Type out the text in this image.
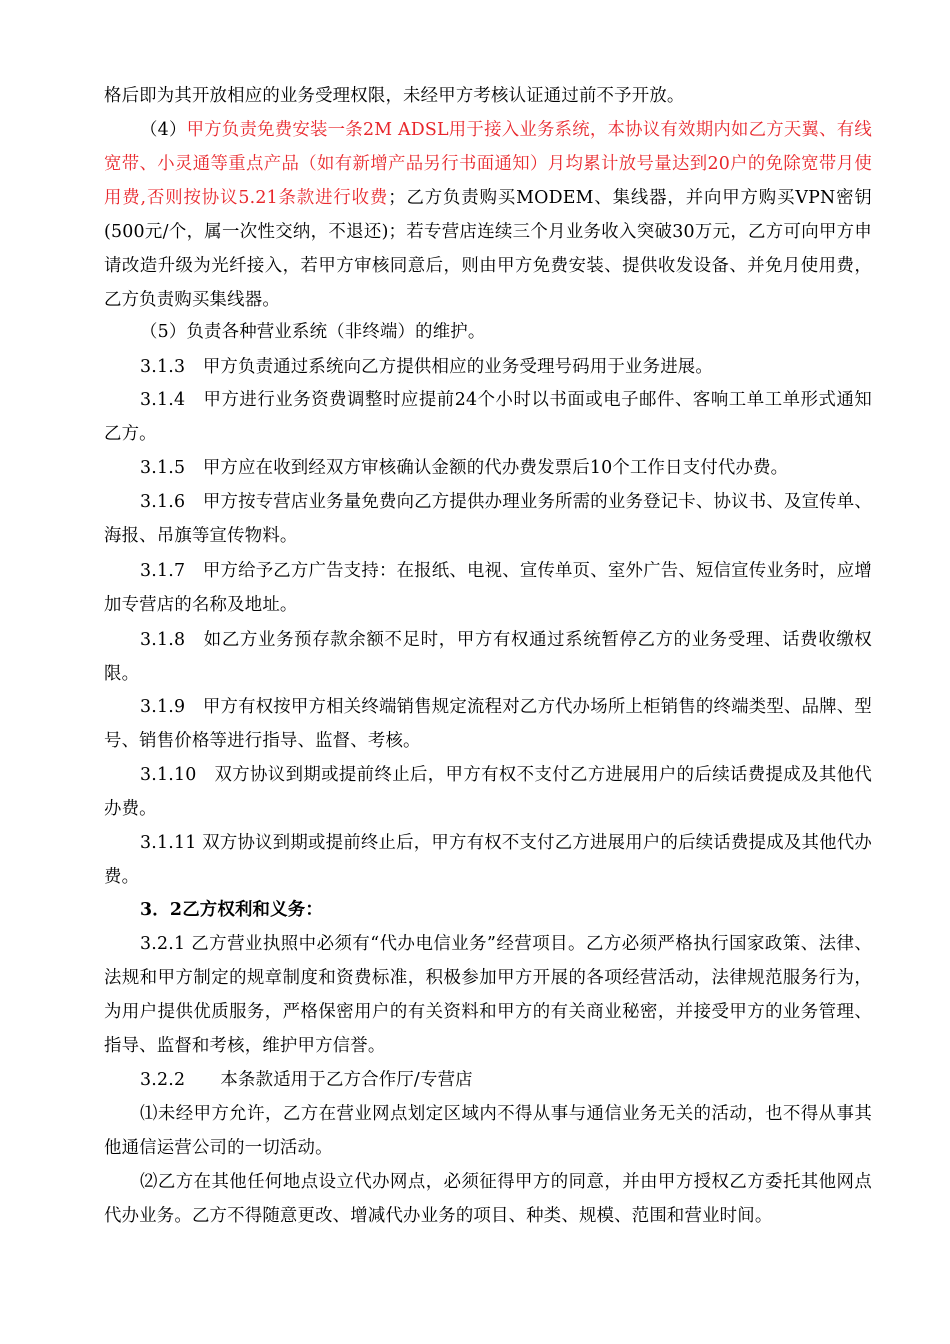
格后即为其开放相应的业务受理权限，未经甲方考核认证通过前不予开放。

（4）甲方负责免费安装一条2M ADSL用于接入业务系统，本协议有效期内如乙方天翼、有线宽带、小灵通等重点产品（如有新增产品另行书面通知）月均累计放号量达到20户的免除宽带月使用费,否则按协议5.21条款进行收费；乙方负责购买MODEM、集线器，并向甲方购买VPN密钥(500元/个，属一次性交纳，不退还)；若专营店连续三个月业务收入突破30万元，乙方可向甲方申请改造升级为光纤接入，若甲方审核同意后，则由甲方免费安装、提供收发设备、并免月使用费，乙方负责购买集线器。

（5）负责各种营业系统（非终端）的维护。

3.1.3　甲方负责通过系统向乙方提供相应的业务受理号码用于业务进展。

3.1.4　甲方进行业务资费调整时应提前24个小时以书面或电子邮件、客响工单工单形式通知乙方。

3.1.5　甲方应在收到经双方审核确认金额的代办费发票后10个工作日支付代办费。

3.1.6　甲方按专营店业务量免费向乙方提供办理业务所需的业务登记卡、协议书、及宣传单、海报、吊旗等宣传物料。

3.1.7　甲方给予乙方广告支持：在报纸、电视、宣传单页、室外广告、短信宣传业务时，应增加专营店的名称及地址。

3.1.8　如乙方业务预存款余额不足时，甲方有权通过系统暂停乙方的业务受理、话费收缴权限。

3.1.9　甲方有权按甲方相关终端销售规定流程对乙方代办场所上柜销售的终端类型、品牌、型号、销售价格等进行指导、监督、考核。

3.1.10　双方协议到期或提前终止后，甲方有权不支付乙方进展用户的后续话费提成及其他代办费。

3.1.11 双方协议到期或提前终止后，甲方有权不支付乙方进展用户的后续话费提成及其他代办费。

3．2乙方权利和义务：

3.2.1 乙方营业执照中必须有“代办电信业务”经营项目。乙方必须严格执行国家政策、法律、法规和甲方制定的规章制度和资费标准，积极参加甲方开展的各项经营活动，法律规范服务行为，为用户提供优质服务，严格保密用户的有关资料和甲方的有关商业秘密，并接受甲方的业务管理、指导、监督和考核，维护甲方信誉。

3.2.2　　本条款适用于乙方合作厅/专营店

⑴未经甲方允许，乙方在营业网点划定区域内不得从事与通信业务无关的活动，也不得从事其他通信运营公司的一切活动。

⑵乙方在其他任何地点设立代办网点，必须征得甲方的同意，并由甲方授权乙方委托其他网点代办业务。乙方不得随意更改、增减代办业务的项目、种类、规模、范围和营业时间。
